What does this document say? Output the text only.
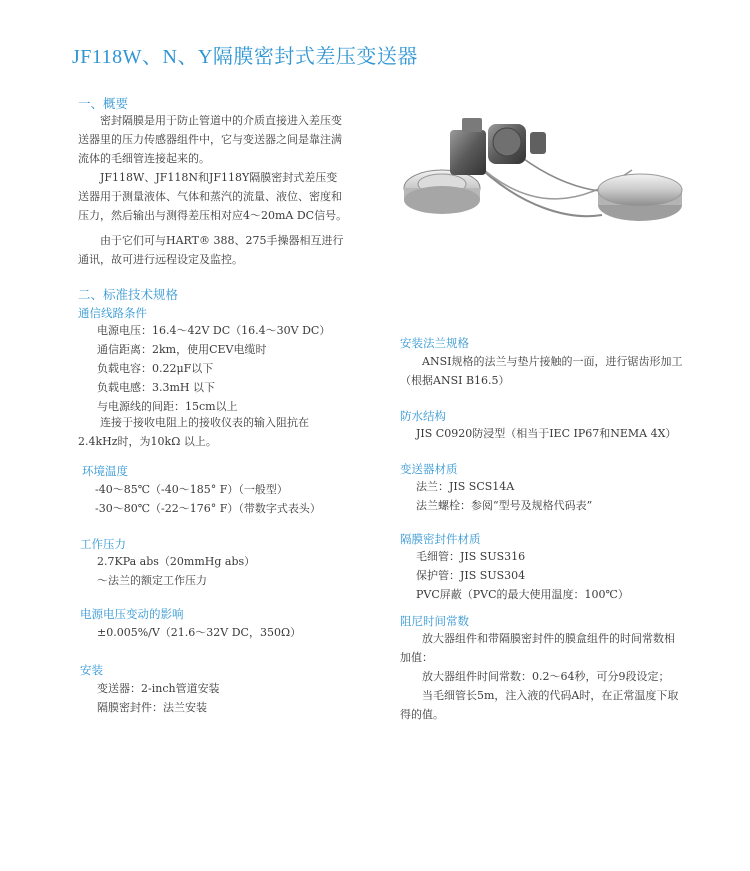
JF118W、N、Y隔膜密封式差压变送器
一、概要

密封隔膜是用于防止管道中的介质直接进入差压变送器里的压力传感器组件中，它与变送器之间是靠注满流体的毛细管连接起来的。

JF118W、JF118N和JF118Y隔膜密封式差压变送器用于测量液体、气体和蒸汽的流量、液位、密度和压力，然后输出与测得差压相对应4～20mA DC信号。

由于它们可与HART® 388、275手操器相互进行通讯，故可进行远程设定及监控。

二、标准技术规格
通信线路条件
电源电压：16.4～42V DC（16.4～30V DC）
通信距离：2km，使用CEV电缆时
负载电容：0.22μF以下
负载电感：3.3mH 以下
与电源线的间距：15cm以上

连接于接收电阻上的接收仪表的输入阻抗在2.4kHz时，为10kΩ 以上。

环境温度
-40～85℃（-40～185° F）（一般型）
-30～80℃（-22～176° F）（带数字式表头）
工作压力
2.7KPa abs（20mmHg abs）
～法兰的额定工作压力
电源电压变动的影响
±0.005%/V（21.6～32V DC，350Ω）
安装
变送器：2-inch管道安装
隔膜密封件：法兰安装
安装法兰规格

ANSI规格的法兰与垫片接触的一面，进行锯齿形加工（根据ANSI B16.5）

防水结构
JIS C0920防浸型（相当于IEC IP67和NEMA 4X）
变送器材质
法兰：JIS SCS14A
法兰螺栓：参阅“型号及规格代码表”
隔膜密封件材质
毛细管：JIS SUS316
保护管：JIS SUS304
PVC屏蔽（PVC的最大使用温度：100℃）
阻尼时间常数

放大器组件和带隔膜密封件的膜盒组件的时间常数相加值：

放大器组件时间常数：0.2～64秒，可分9段设定；

当毛细管长5m，注入液的代码A时，在正常温度下取得的值。
